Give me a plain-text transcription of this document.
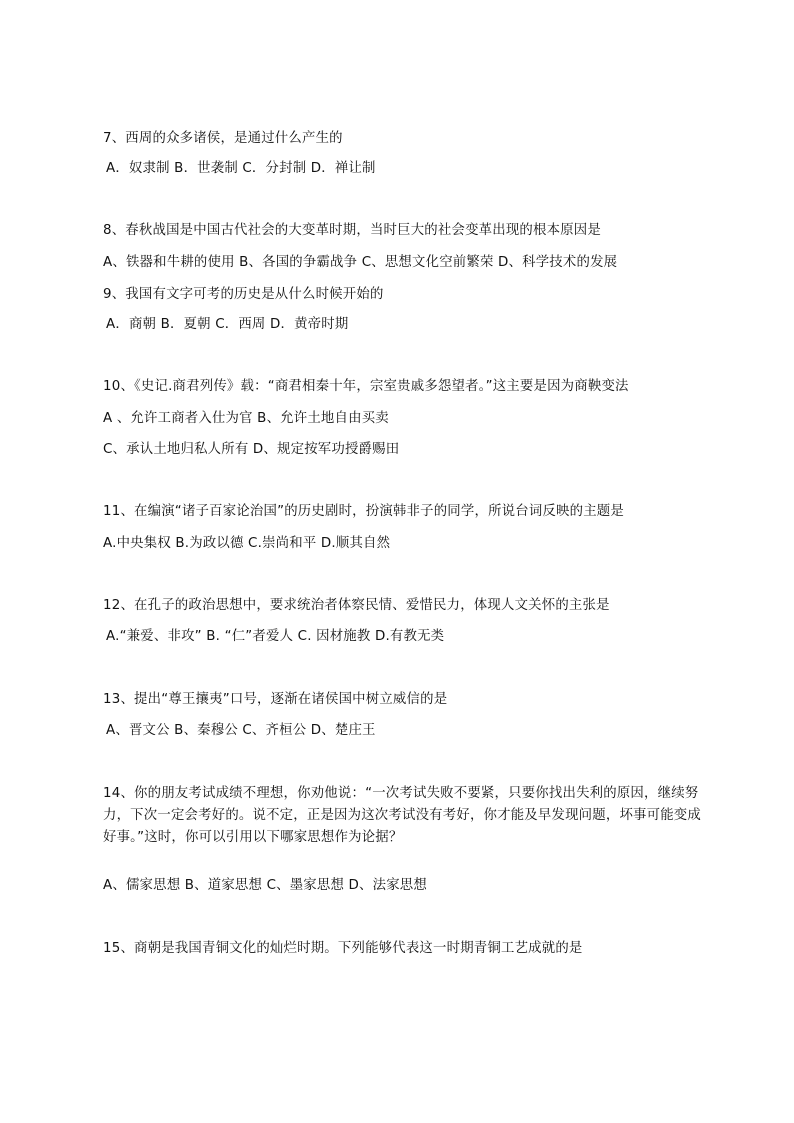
7、西周的众多诸侯，是通过什么产生的
A．奴隶制 B．世袭制 C．分封制 D．禅让制
8、春秋战国是中国古代社会的大变革时期，当时巨大的社会变革出现的根本原因是
A、铁器和牛耕的使用 B、各国的争霸战争 C、思想文化空前繁荣 D、科学技术的发展
9、我国有文字可考的历史是从什么时候开始的
A．商朝 B．夏朝 C．西周 D．黄帝时期
10、《史记.商君列传》载：“商君相秦十年，宗室贵戚多怨望者。”这主要是因为商鞅变法
A 、允许工商者入仕为官 B、允许土地自由买卖
C、承认土地归私人所有 D、规定按军功授爵赐田
11、在编演“诸子百家论治国”的历史剧时，扮演韩非子的同学，所说台词反映的主题是
A.中央集权 B.为政以德 C.崇尚和平 D.顺其自然
12、在孔子的政治思想中，要求统治者体察民情、爱惜民力，体现人文关怀的主张是
A.“兼爱、非攻” B. “仁”者爱人 C. 因材施教 D.有教无类
13、提出“尊王攘夷”口号，逐渐在诸侯国中树立威信的是
A、晋文公 B、秦穆公 C、齐桓公 D、楚庄王
14、你的朋友考试成绩不理想，你劝他说：“一次考试失败不要紧，只要你找出失利的原因，继续努力，下次一定会考好的。说不定，正是因为这次考试没有考好，你才能及早发现问题，坏事可能变成好事。”这时，你可以引用以下哪家思想作为论据？
A、儒家思想 B、道家思想 C、墨家思想 D、法家思想
15、商朝是我国青铜文化的灿烂时期。下列能够代表这一时期青铜工艺成就的是
